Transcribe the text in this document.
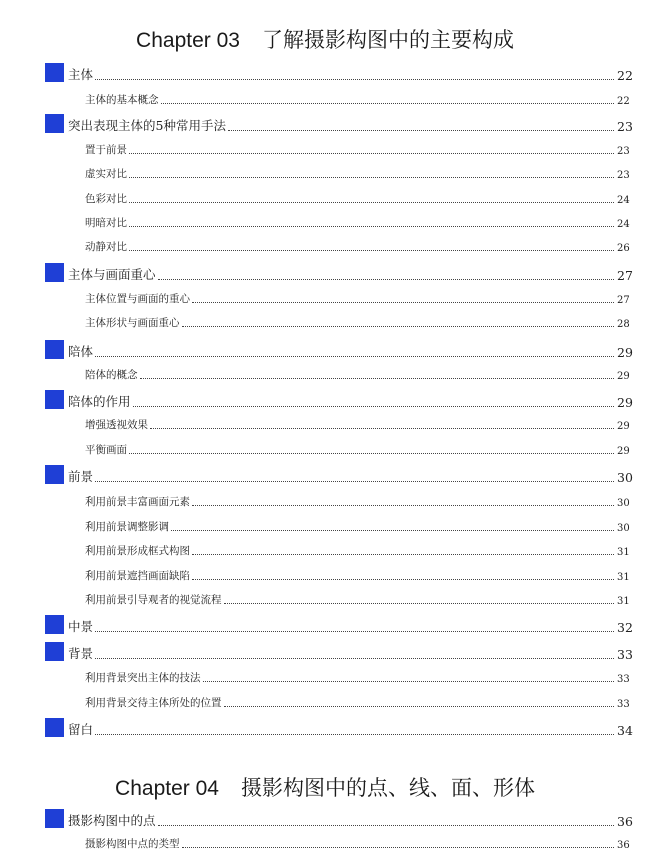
Chapter 03 了解摄影构图中的主要构成
主体	22
主体的基本概念	22
突出表现主体的5种常用手法	23
置于前景	23
虚实对比	23
色彩对比	24
明暗对比	24
动静对比	26
主体与画面重心	27
主体位置与画面的重心	27
主体形状与画面重心	28
陪体	29
陪体的概念	29
陪体的作用	29
增强透视效果	29
平衡画面	29
前景	30
利用前景丰富画面元素	30
利用前景调整影调	30
利用前景形成框式构图	31
利用前景遮挡画面缺陷	31
利用前景引导观者的视觉流程	31
中景	32
背景	33
利用背景突出主体的技法	33
利用背景交待主体所处的位置	33
留白	34
Chapter 04 摄影构图中的点、线、面、形体
摄影构图中的点	36
摄影构图中点的类型	36
